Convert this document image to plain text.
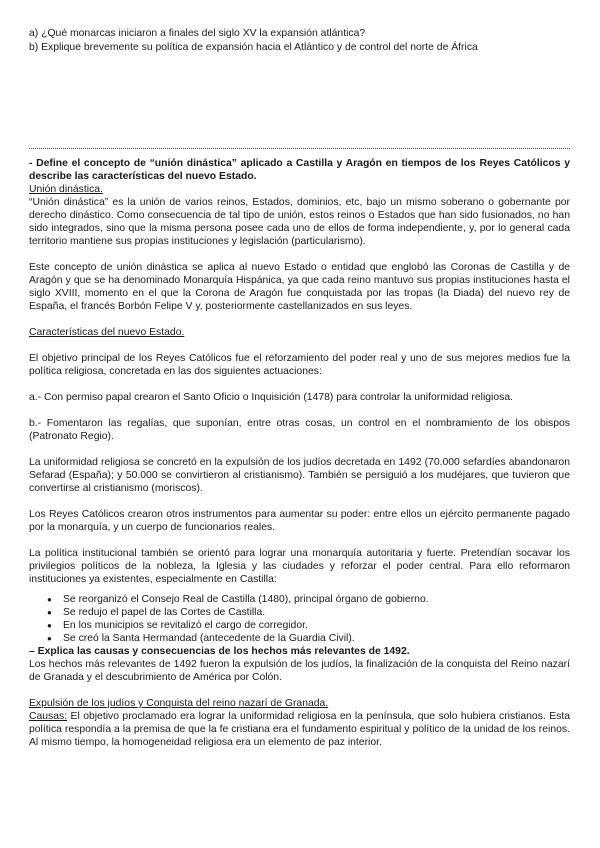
a) ¿Qué monarcas iniciaron a finales del siglo XV la expansión atlántica?

b) Explique brevemente su política de expansión hacia el Atlántico y de control del norte de África

- Define el concepto de “unión dinástica” aplicado a Castilla y Aragón en tiempos de los Reyes Católicos y describe las características del nuevo Estado.

Unión dinástica.

“Unión dinástica” es la unión de varios reinos, Estados, dominios, etc, bajo un mismo soberano o gobernante por derecho dinástico. Como consecuencia de tal tipo de unión, estos reinos o Estados que han sido fusionados, no han sido integrados, sino que la misma persona posee cada uno de ellos de forma independiente, y, por lo general cada territorio mantiene sus propias instituciones y legislación (particularismo).

Este concepto de unión dinástica se aplica al nuevo Estado o entidad que englobó las Coronas de Castilla y de Aragón y que se ha denominado Monarquía Hispánica, ya que cada reino mantuvo sus propias instituciones hasta el siglo XVIII, momento en el que la Corona de Aragón fue conquistada por las tropas (la Diada) del nuevo rey de España, el francés Borbón Felipe V y, posteriormente castellanizados en sus leyes.

Características del nuevo Estado.

El objetivo principal de los Reyes Católicos fue el reforzamiento del poder real y uno de sus mejores medios fue la política religiosa, concretada en las dos siguientes actuaciones:

a.- Con permiso papal crearon el Santo Oficio o Inquisición (1478) para controlar la uniformidad religiosa.

b.- Fomentaron las regalías, que suponían, entre otras cosas, un control en el nombramiento de los obispos (Patronato Regio).

La uniformidad religiosa se concretó en la expulsión de los judíos decretada en 1492 (70.000 sefardíes abandonaron Sefarad (España); y 50.000 se convirtieron al cristianismo). También se persiguió a los mudéjares, que tuvieron que convertirse al cristianismo (moriscos).

Los Reyes Católicos crearon otros instrumentos para aumentar su poder: entre ellos un ejército permanente pagado por la monarquía, y un cuerpo de funcionarios reales.

La política institucional también se orientó para lograr una monarquía autoritaria y fuerte. Pretendían socavar los privilegios políticos de la nobleza, la Iglesia y las ciudades y reforzar el poder central. Para ello reformaron instituciones ya existentes, especialmente en Castilla:

● Se reorganizó el Consejo Real de Castilla (1480), principal órgano de gobierno.
● Se redujo el papel de las Cortes de Castilla.
● En los municipios se revitalizó el cargo de corregidor.
● Se creó la Santa Hermandad (antecedente de la Guardia Civil).

– Explica las causas y consecuencias de los hechos más relevantes de 1492.

Los hechos más relevantes de 1492 fueron la expulsión de los judíos, la finalización de la conquista del Reino nazarí de Granada y el descubrimiento de América por Colón.

Expulsión de los judíos y Conquista del reino nazarí de Granada.

Causas: El objetivo proclamado era lograr la uniformidad religiosa en la península, que solo hubiera cristianos. Esta política respondía a la premisa de que la fe cristiana era el fundamento espiritual y político de la unidad de los reinos. Al mismo tiempo, la homogeneidad religiosa era un elemento de paz interior.
